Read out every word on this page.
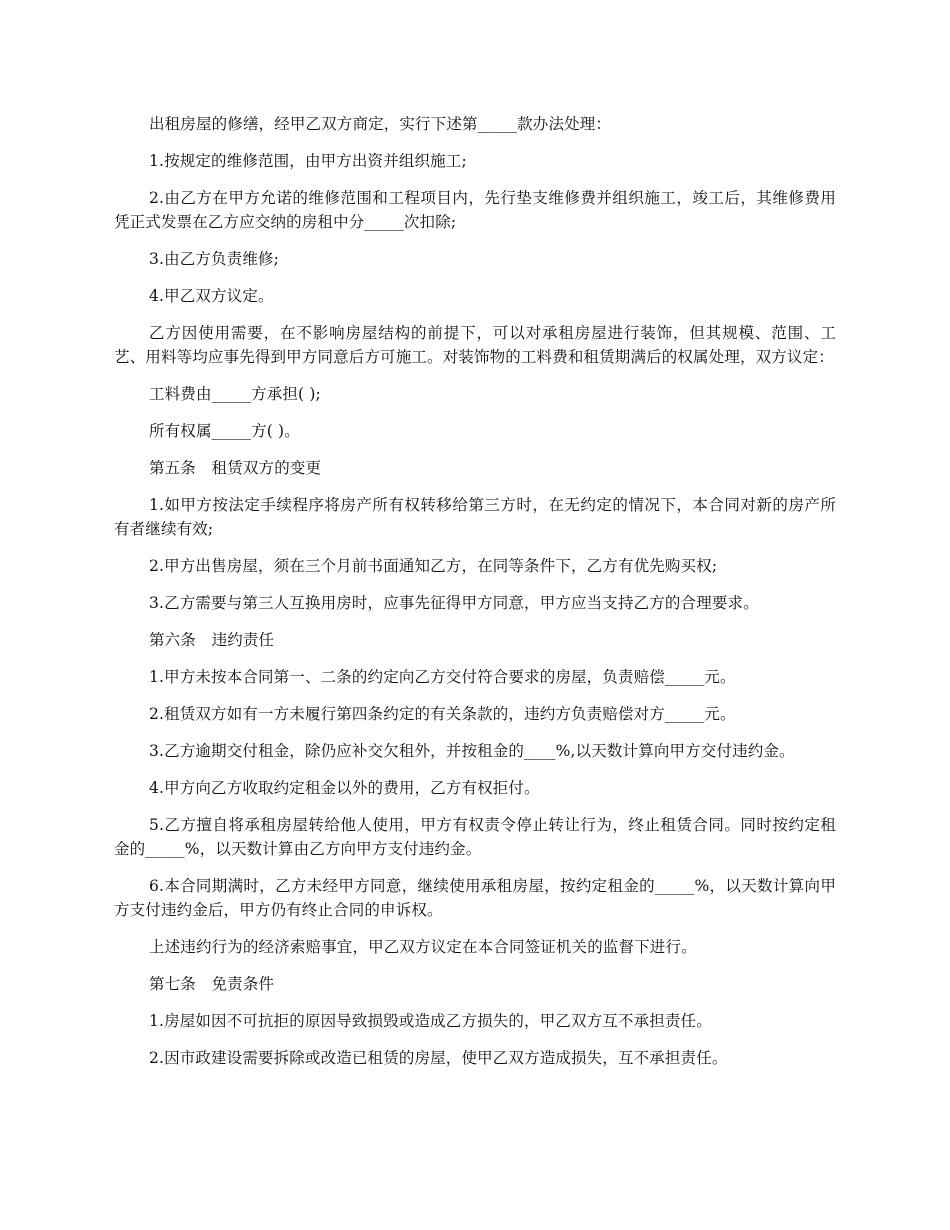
出租房屋的修缮，经甲乙双方商定，实行下述第_____款办法处理：

1.按规定的维修范围，由甲方出资并组织施工;

2.由乙方在甲方允诺的维修范围和工程项目内，先行垫支维修费并组织施工，竣工后，其维修费用凭正式发票在乙方应交纳的房租中分_____次扣除;

3.由乙方负责维修;

4.甲乙双方议定。

乙方因使用需要，在不影响房屋结构的前提下，可以对承租房屋进行装饰，但其规模、范围、工艺、用料等均应事先得到甲方同意后方可施工。对装饰物的工料费和租赁期满后的权属处理，双方议定：

工料费由_____方承担( );

所有权属_____方( )。

第五条　租赁双方的变更

1.如甲方按法定手续程序将房产所有权转移给第三方时，在无约定的情况下，本合同对新的房产所有者继续有效;

2.甲方出售房屋，须在三个月前书面通知乙方，在同等条件下，乙方有优先购买权;

3.乙方需要与第三人互换用房时，应事先征得甲方同意，甲方应当支持乙方的合理要求。

第六条　违约责任

1.甲方未按本合同第一、二条的约定向乙方交付符合要求的房屋，负责赔偿_____元。

2.租赁双方如有一方未履行第四条约定的有关条款的，违约方负责赔偿对方_____元。

3.乙方逾期交付租金，除仍应补交欠租外，并按租金的____%,以天数计算向甲方交付违约金。

4.甲方向乙方收取约定租金以外的费用，乙方有权拒付。

5.乙方擅自将承租房屋转给他人使用，甲方有权责令停止转让行为，终止租赁合同。同时按约定租金的_____%，以天数计算由乙方向甲方支付违约金。

6.本合同期满时，乙方未经甲方同意，继续使用承租房屋，按约定租金的_____%，以天数计算向甲方支付违约金后，甲方仍有终止合同的申诉权。

上述违约行为的经济索赔事宜，甲乙双方议定在本合同签证机关的监督下进行。

第七条　免责条件

1.房屋如因不可抗拒的原因导致损毁或造成乙方损失的，甲乙双方互不承担责任。

2.因市政建设需要拆除或改造已租赁的房屋，使甲乙双方造成损失，互不承担责任。
